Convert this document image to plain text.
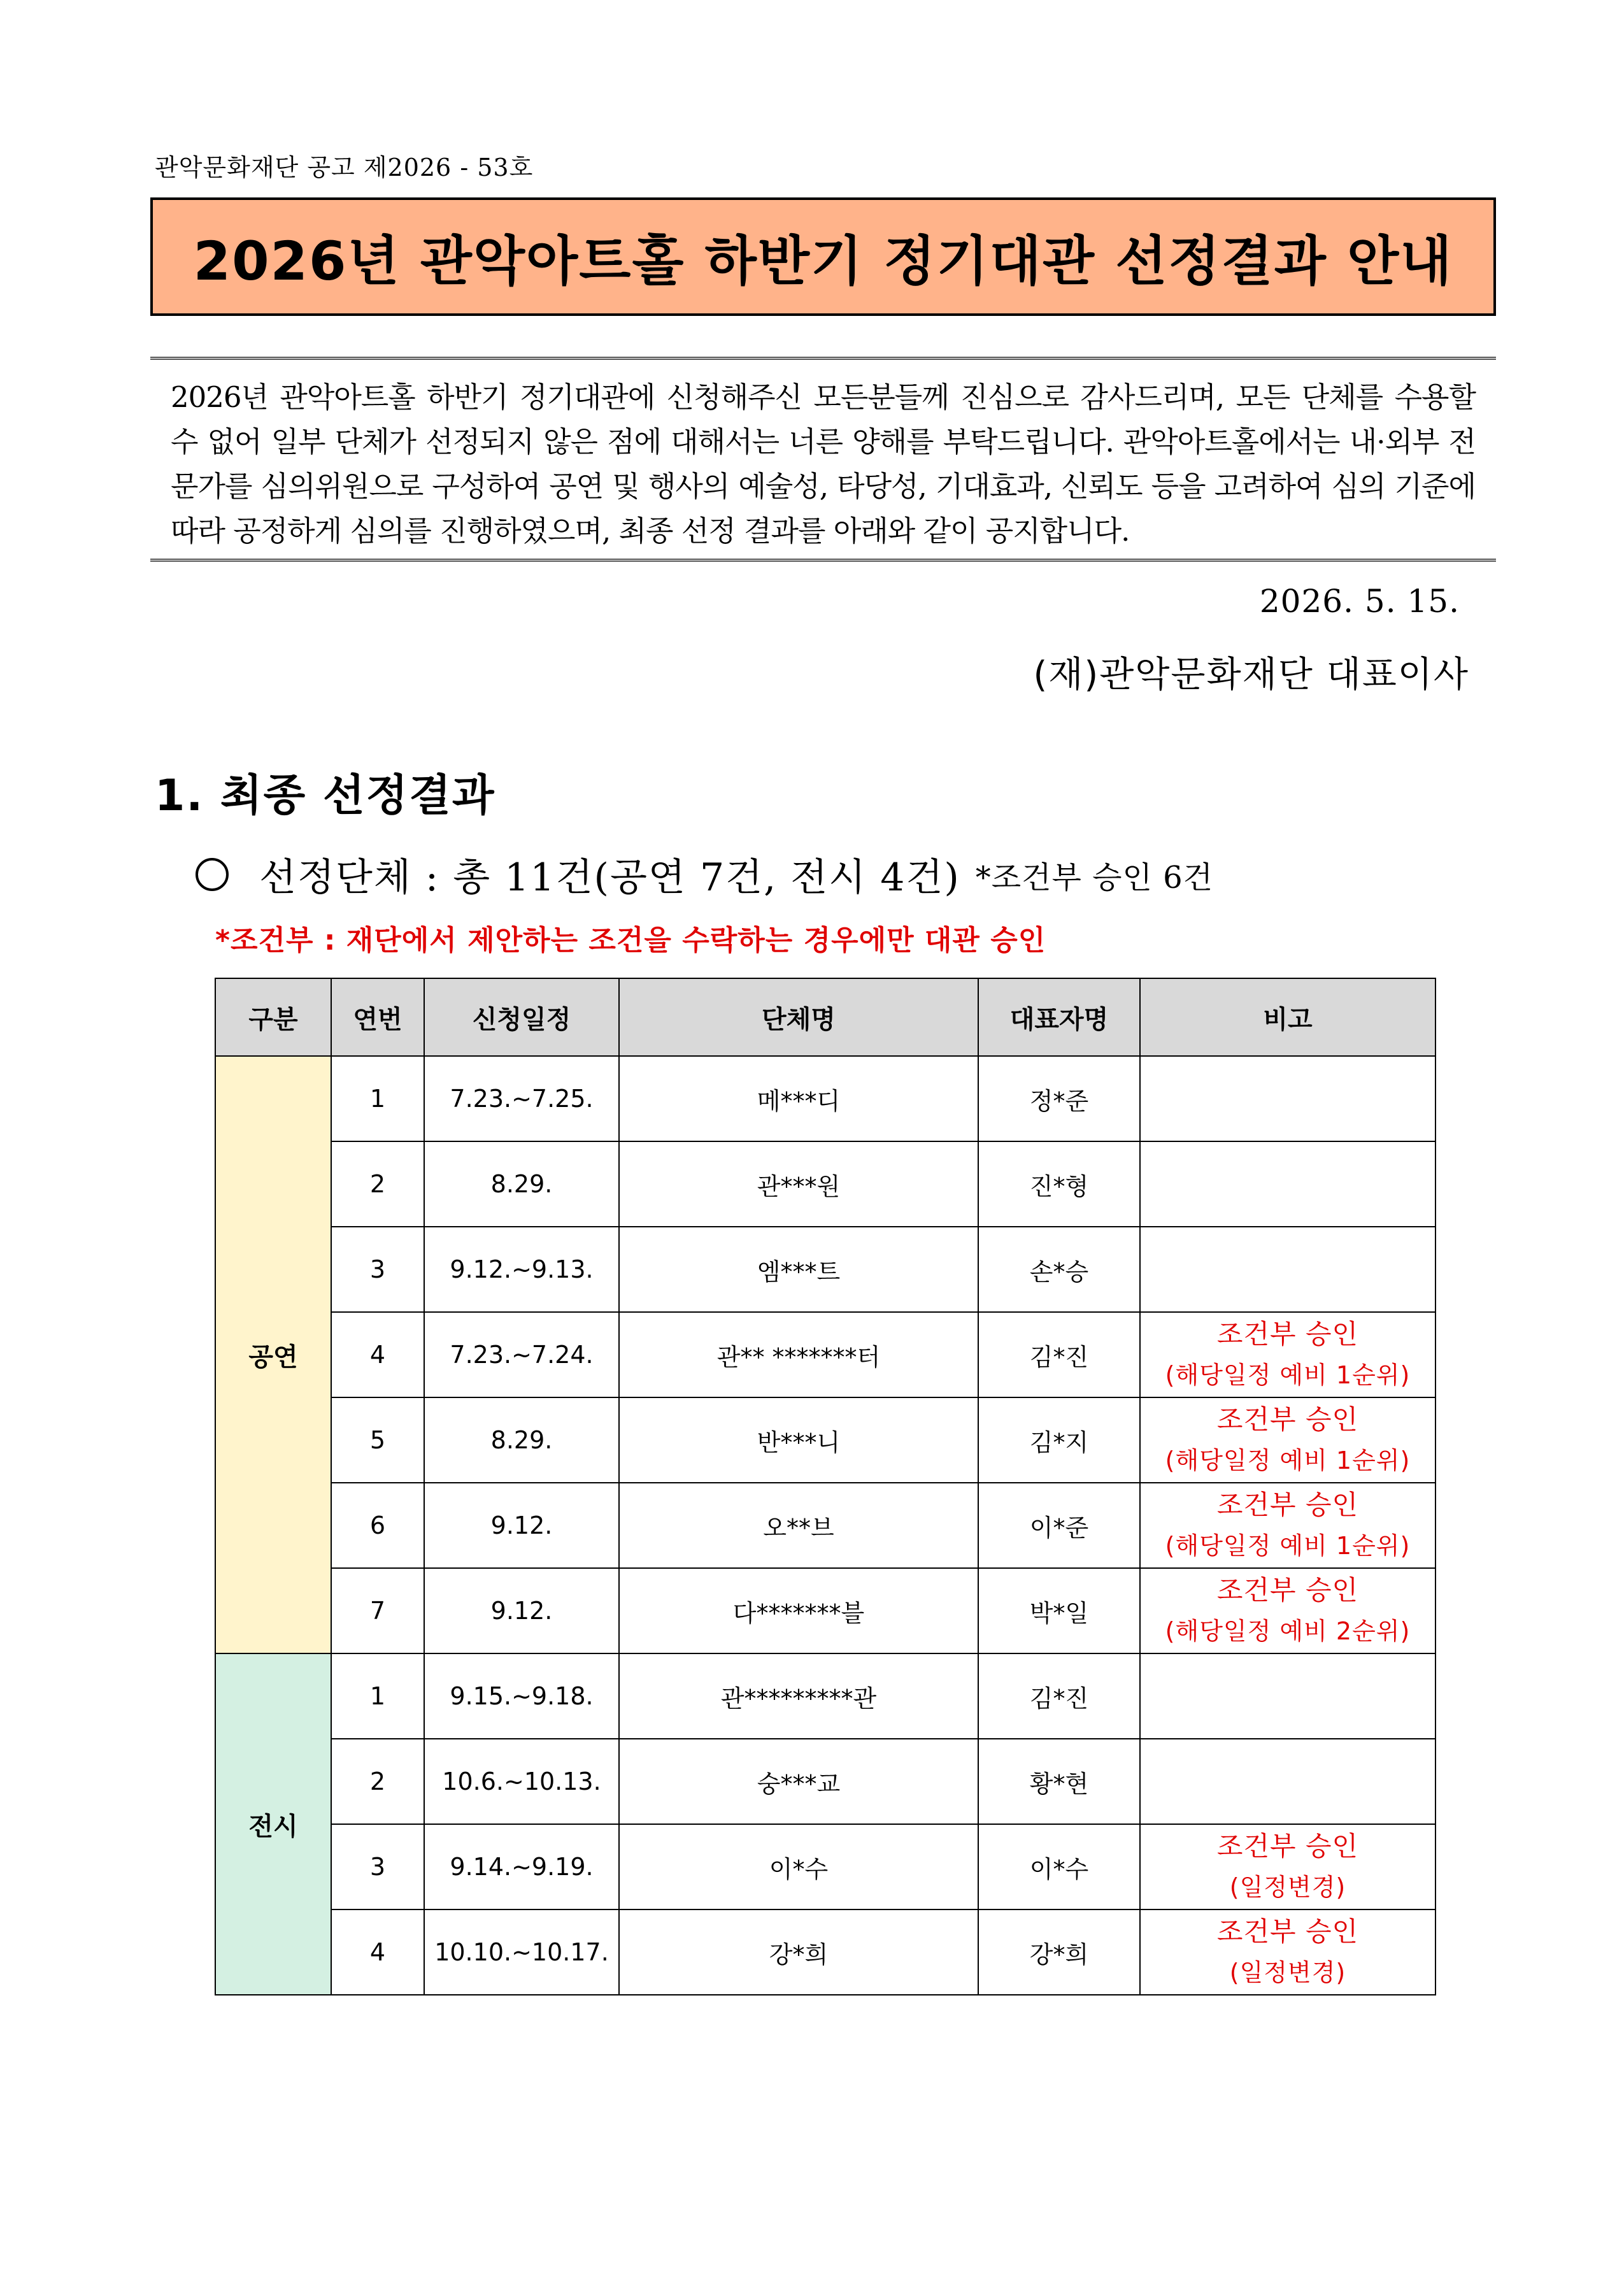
관악문화재단 공고 제2026 - 53호
2026년 관악아트홀 하반기 정기대관 선정결과 안내

2026년 관악아트홀 하반기 정기대관에 신청해주신 모든분들께 진심으로 감사드리며, 모든 단체를 수용할 수 없어 일부 단체가 선정되지 않은 점에 대해서는 너른 양해를 부탁드립니다. 관악아트홀에서는 내·외부 전문가를 심의위원으로 구성하여 공연 및 행사의 예술성, 타당성, 기대효과, 신뢰도 등을 고려하여 심의 기준에 따라 공정하게 심의를 진행하였으며, 최종 선정 결과를 아래와 같이 공지합니다.

2026. 5. 15.
(재)관악문화재단 대표이사
1. 최종 선정결과
선정단체 : 총 11건(공연 7건, 전시 4건) *조건부 승인 6건
*조건부 : 재단에서 제안하는 조건을 수락하는 경우에만 대관 승인
구분	연번	신청일정	단체명	대표자명	비고
공연	1	7.23.~7.25.	메***디	정*준	

	2	8.29.	관***원	진*형	

	3	9.12.~9.13.	엠***트	손*승	

	4	7.23.~7.24.	관** *******터	김*진	조건부 승인
(해당일정 예비 1순위)

	5	8.29.	반***니	김*지	조건부 승인
(해당일정 예비 1순위)

	6	9.12.	오**브	이*준	조건부 승인
(해당일정 예비 1순위)

	7	9.12.	다*******블	박*일	조건부 승인
(해당일정 예비 2순위)

전시	1	9.15.~9.18.	관*********관	김*진	

	2	10.6.~10.13.	숭***교	황*현	

	3	9.14.~9.19.	이*수	이*수	조건부 승인
(일정변경)

	4	10.10.~10.17.	강*희	강*희	조건부 승인
(일정변경)
